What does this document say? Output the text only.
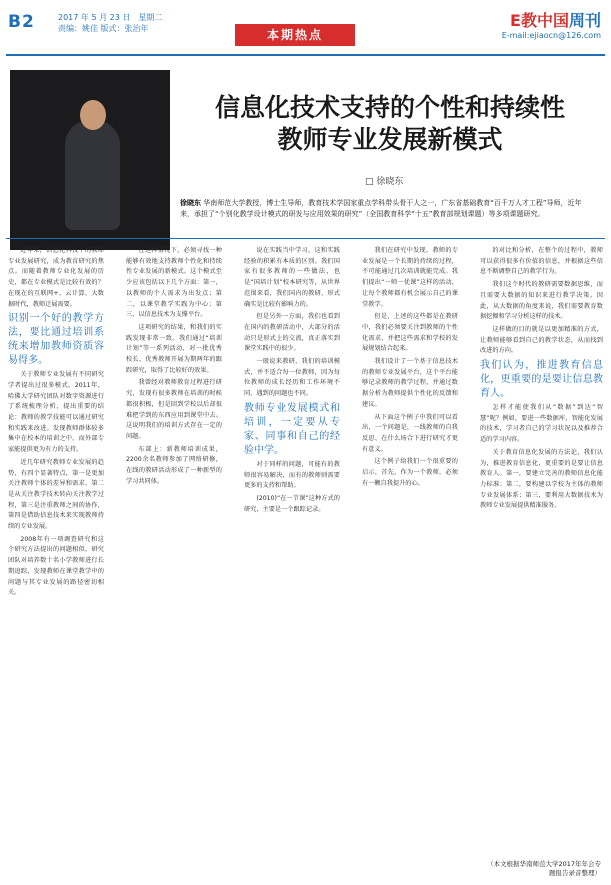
B2	2017 年 5 月 23 日　星期二
责编：姚佳 版式：张治年	本期热点
E教中国周刊
E-mail:ejiaocn@126.com
信息化技术支持的个性和持续性
教师专业发展新模式
□ 徐晓东
徐晓东 华南师范大学教授，博士生导师，教育技术学国家重点学科带头骨干人之一，广东省基础教育“百千万人才工程”导师，近年来，承担了“个别化教学设计模式的研发与应用效果的研究”（全国教育科学“十五”教育部规划课题）等多项课题研究。

近年来，信息化科技下的教师专业发展研究，成为教育研究的焦点。而随着教师专业化发展的历史，都在专业模式是比较有效的？在现在的互联网+、云计算、大数据时代，教师迁展需要。

识别一个好的教学方法，要比通过培训系统来增加教师资质容易得多。

关于教师专业发展有不同研究学者提出过很多模式。2011年，哈佛大学研究团队对数字资源进行了系统梳理分析，提出重要的结论：教师的教学技能可以通过研究和实践来改进。发现教师群体较多集中在校本的培训之中，而外部专家能提供更为有力的支持。

近几年研究教师专业发展的趋势，有四个显著特点，第一是更加关注教师个体的差异和需求，第二是从关注教学技术转向关注教学过程，第三是注重教师之间的协作，第四是借助信息技术来实现教师持续的专业发展。

2008年有一项调查研究和这个研究方法提出的问题相似，研究团队对培养数十名小学教师进行长期追踪，发现教师在课堂教学中的问题与其专业发展的路径密切相关。

在这种情况下，必须寻找一种能够有效地支持教师个性化和持续性专业发展的新模式。这个模式至少应该包括以下几个方面：第一，以教师的个人需求为出发点；第二，以课堂教学实践为中心；第三，以信息技术为支撑平台。

这项研究的结果，和我们的实践发现非常一致。我们通过“培训计划”等一系列活动，对一批优秀校长、优秀教师开展为期两年的跟踪研究，取得了比较好的效果。

我曾经对教师教育过程进行研究，发现有很多教师在培训的时候都很积极，但是回到学校以后却很难把学到的东西应用到课堂中去。这说明我们的培训方式存在一定的问题。

东部上：新教师培训成果，2200余名教师参加了网络研修，在线的教研活动形成了一种新型的学习共同体。

说在实践当中学习，这和实践经验的积累有本质的区别。我们国家有很多教师的一些做法，也是“国培计划”校本研究等，从世界范围来看，我们国内的教研、形式确实是比较有影响力的。

但是另外一方面，我们也看到在国内的教研活动中，大部分的活动只是形式上的交流，真正落实到课堂实践中的很少。

一般说来教研，我们的培训模式，并不适合每一位教师，因为每位教师的成长经历和工作环境不同，遇到的问题也不同。

教师专业发展模式和培训，一定要从专家、同事和自己的经验中学。

对于同样的问题，可能有的教师很容易解决，而有的教师则需要更多的支持和帮助。

(2010)“在一节课”这种方式的研究，主要是一个跟踪记录。

我们在研究中发现，教师的专业发展是一个长期的持续的过程，不可能通过几次培训就能完成。我们提出“一师一优课”这样的活动，让每个教师都有机会展示自己的课堂教学。

但是，上述的这些都是在教研中，我们必须要关注到教师的个性化需求，并把这些需求和学校的发展规划结合起来。

我们设计了一个基于信息技术的教师专业发展平台，这个平台能够记录教师的教学过程，并通过数据分析为教师提供个性化的反馈和建议。

从下面这个例子中我们可以看出，一个问题是，一线教师的自我反思、在什么场合下进行研究才更有意义。

这个例子给我们一个很重要的启示，首先，作为一个教师，必须有一颗自我提升的心。

的对比和分析，在整个的过程中，教师可以获得很多有价值的信息，并根据这些信息不断调整自己的教学行为。

我们这个时代的教研需要数据思维，而且需要大数据的知识来进行教学决策。因此，从大数据的角度来说，我们需要教育数据挖掘和学习分析这样的技术。

这样做的目的就是以更加精准的方式，让教师能够看到自己的教学状态，从而找到改进的方向。

我们认为，推进教育信息化，更重要的是要让信息教育人。

怎样才能使我们从“数据”到达“智慧”呢？例如，要进一些数据库，智能化发展的技术，学习者自己的学习状况以及推荐合适的学习内容。

关于教育信息化发展的方法论，我们认为，推进教育信息化，更重要的是要让信息教育人。第一，要建立完善的教师信息化能力标准；第二，要构建以学校为主体的教师专业发展体系；第三，要利用大数据技术为教师专业发展提供精准服务。

（本文根据华南师范大学2017年年会专题报告录音整理）
